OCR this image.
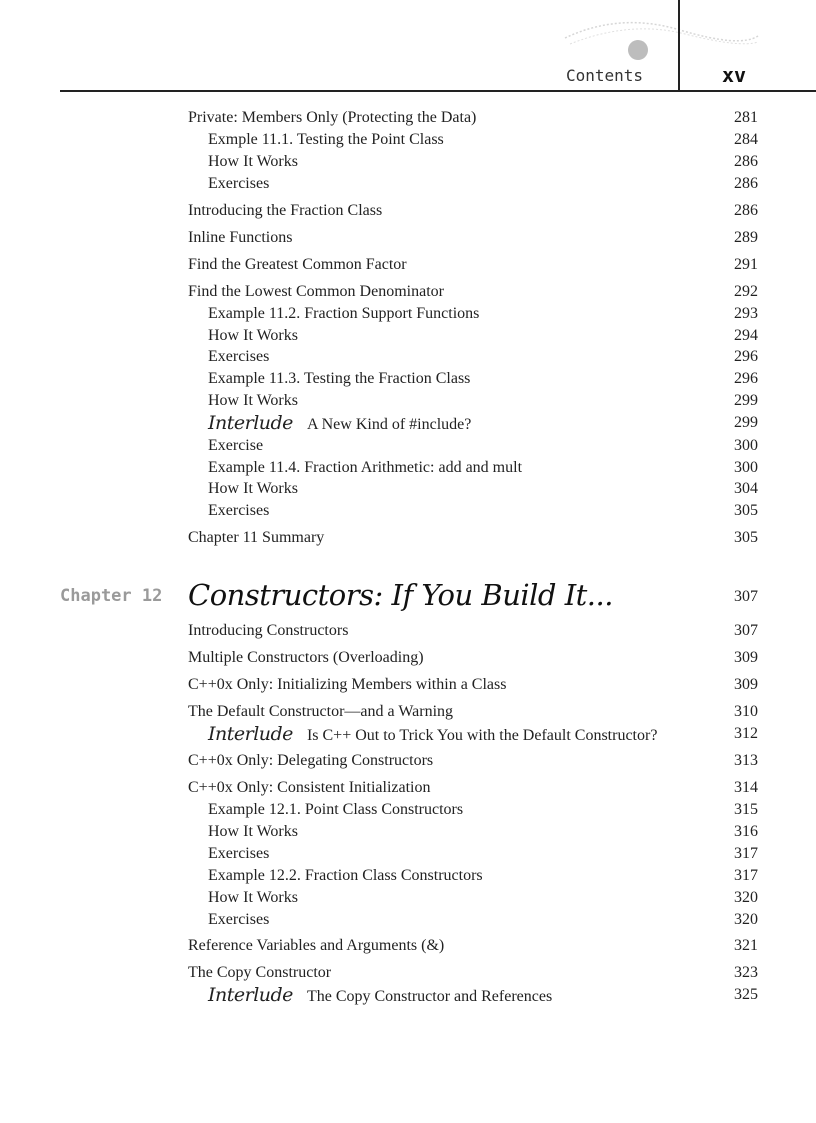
Contents	xv
Private: Members Only (Protecting the Data)	281
Exmple 11.1. Testing the Point Class	284
How It Works	286
Exercises	286
Introducing the Fraction Class	286
Inline Functions	289
Find the Greatest Common Factor	291
Find the Lowest Common Denominator	292
Example 11.2. Fraction Support Functions	293
How It Works	294
Exercises	296
Example 11.3. Testing the Fraction Class	296
How It Works	299
Interlude A New Kind of #include?	299
Exercise	300
Example 11.4. Fraction Arithmetic: add and mult	300
How It Works	304
Exercises	305
Chapter 11 Summary	305
Chapter 12 Constructors: If You Build It...	307
Introducing Constructors	307
Multiple Constructors (Overloading)	309
C++0x Only: Initializing Members within a Class	309
The Default Constructor—and a Warning	310
Interlude Is C++ Out to Trick You with the Default Constructor?	312
C++0x Only: Delegating Constructors	313
C++0x Only: Consistent Initialization	314
Example 12.1. Point Class Constructors	315
How It Works	316
Exercises	317
Example 12.2. Fraction Class Constructors	317
How It Works	320
Exercises	320
Reference Variables and Arguments (&)	321
The Copy Constructor	323
Interlude The Copy Constructor and References	325
